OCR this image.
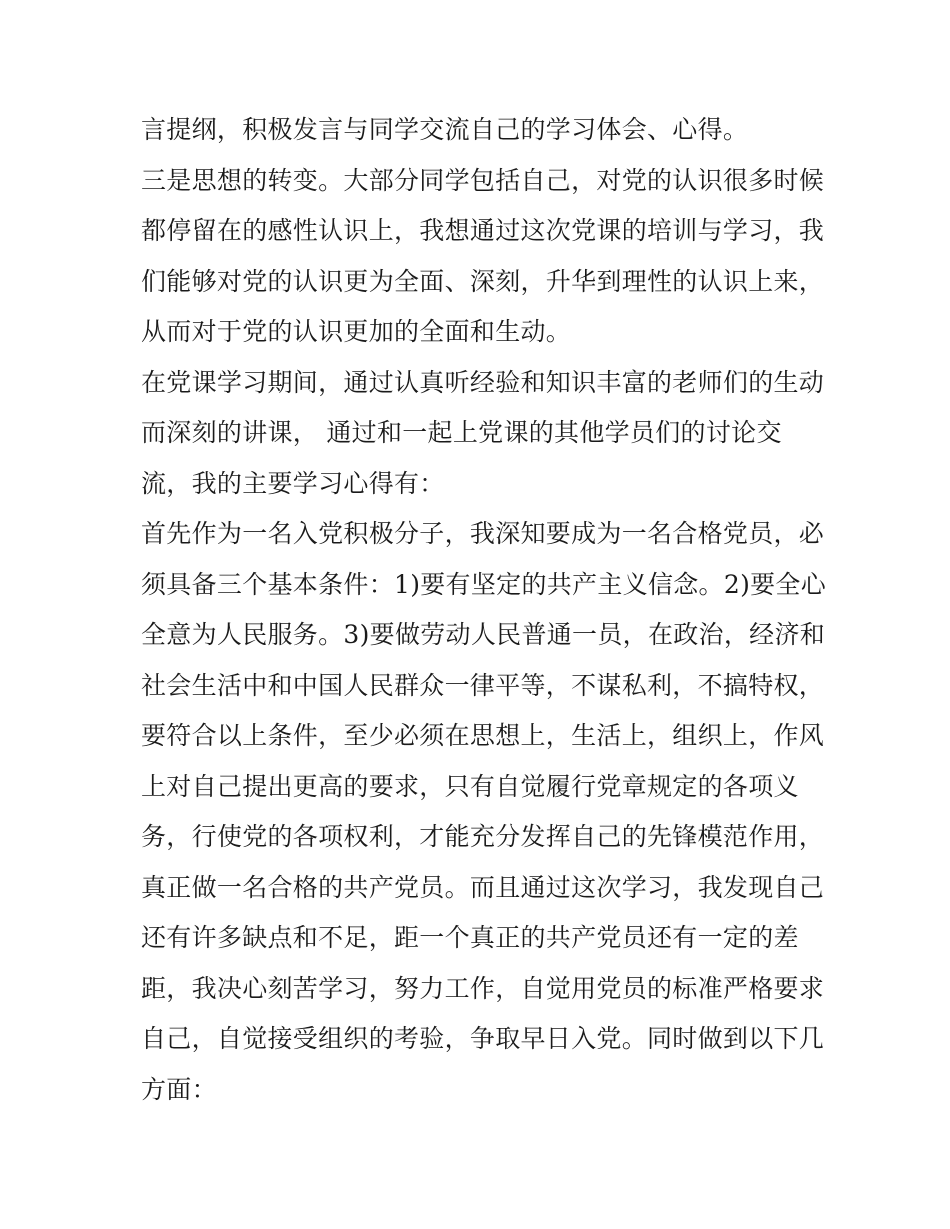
言提纲，积极发言与同学交流自己的学习体会、心得。
三是思想的转变。大部分同学包括自己，对党的认识很多时候
都停留在的感性认识上，我想通过这次党课的培训与学习，我
们能够对党的认识更为全面、深刻，升华到理性的认识上来，
从而对于党的认识更加的全面和生动。
在党课学习期间，通过认真听经验和知识丰富的老师们的生动
而深刻的讲课， 通过和一起上党课的其他学员们的讨论交
流，我的主要学习心得有：
首先作为一名入党积极分子，我深知要成为一名合格党员，必
须具备三个基本条件：1)要有坚定的共产主义信念。2)要全心
全意为人民服务。3)要做劳动人民普通一员，在政治，经济和
社会生活中和中国人民群众一律平等，不谋私利，不搞特权，
要符合以上条件，至少必须在思想上，生活上，组织上，作风
上对自己提出更高的要求，只有自觉履行党章规定的各项义
务，行使党的各项权利，才能充分发挥自己的先锋模范作用，
真正做一名合格的共产党员。而且通过这次学习，我发现自己
还有许多缺点和不足，距一个真正的共产党员还有一定的差
距，我决心刻苦学习，努力工作，自觉用党员的标准严格要求
自己，自觉接受组织的考验，争取早日入党。同时做到以下几
方面：
